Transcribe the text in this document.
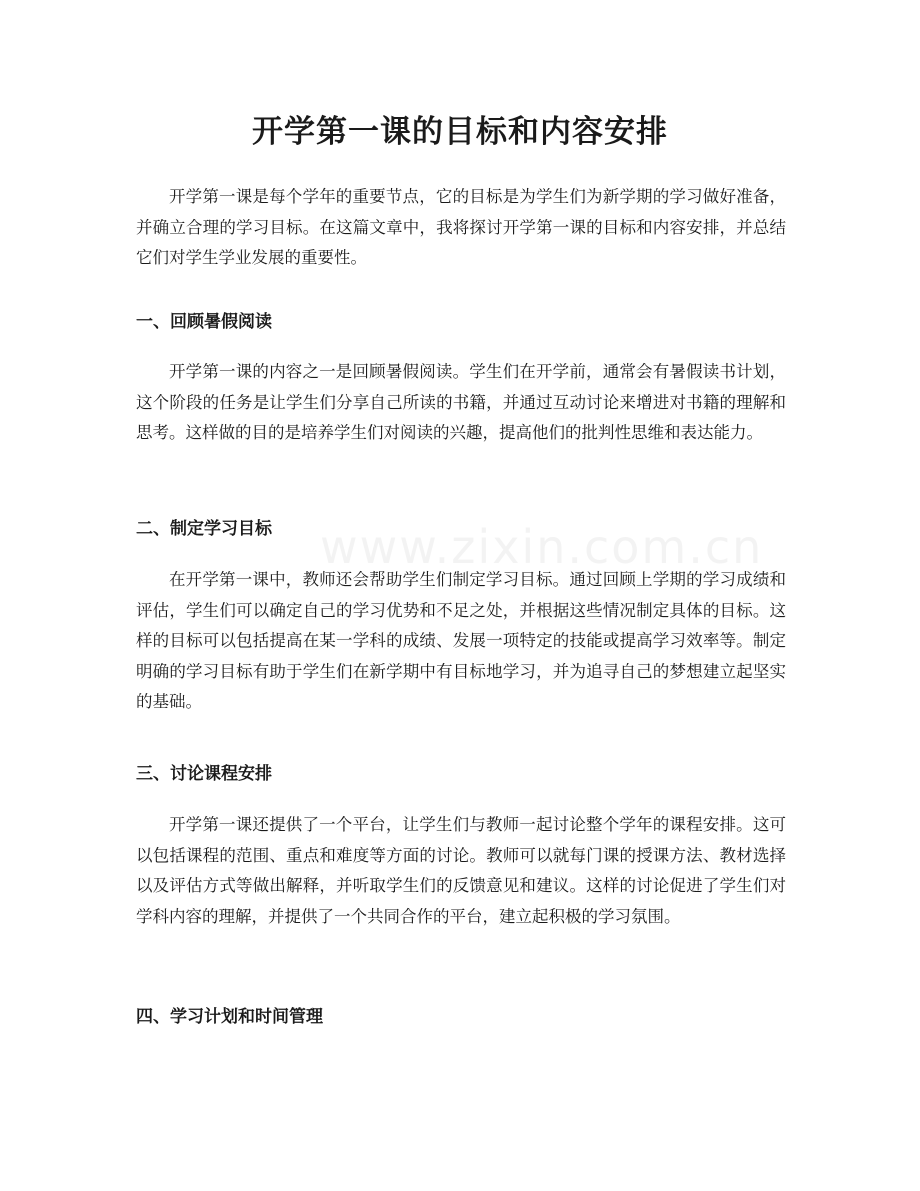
开学第一课的目标和内容安排

开学第一课是每个学年的重要节点，它的目标是为学生们为新学期的学习做好准备，并确立合理的学习目标。在这篇文章中，我将探讨开学第一课的目标和内容安排，并总结它们对学生学业发展的重要性。

一、回顾暑假阅读

开学第一课的内容之一是回顾暑假阅读。学生们在开学前，通常会有暑假读书计划，这个阶段的任务是让学生们分享自己所读的书籍，并通过互动讨论来增进对书籍的理解和思考。这样做的目的是培养学生们对阅读的兴趣，提高他们的批判性思维和表达能力。

二、制定学习目标

在开学第一课中，教师还会帮助学生们制定学习目标。通过回顾上学期的学习成绩和评估，学生们可以确定自己的学习优势和不足之处，并根据这些情况制定具体的目标。这样的目标可以包括提高在某一学科的成绩、发展一项特定的技能或提高学习效率等。制定明确的学习目标有助于学生们在新学期中有目标地学习，并为追寻自己的梦想建立起坚实的基础。

三、讨论课程安排

开学第一课还提供了一个平台，让学生们与教师一起讨论整个学年的课程安排。这可以包括课程的范围、重点和难度等方面的讨论。教师可以就每门课的授课方法、教材选择以及评估方式等做出解释，并听取学生们的反馈意见和建议。这样的讨论促进了学生们对学科内容的理解，并提供了一个共同合作的平台，建立起积极的学习氛围。

四、学习计划和时间管理
www.zixin.com.cn
